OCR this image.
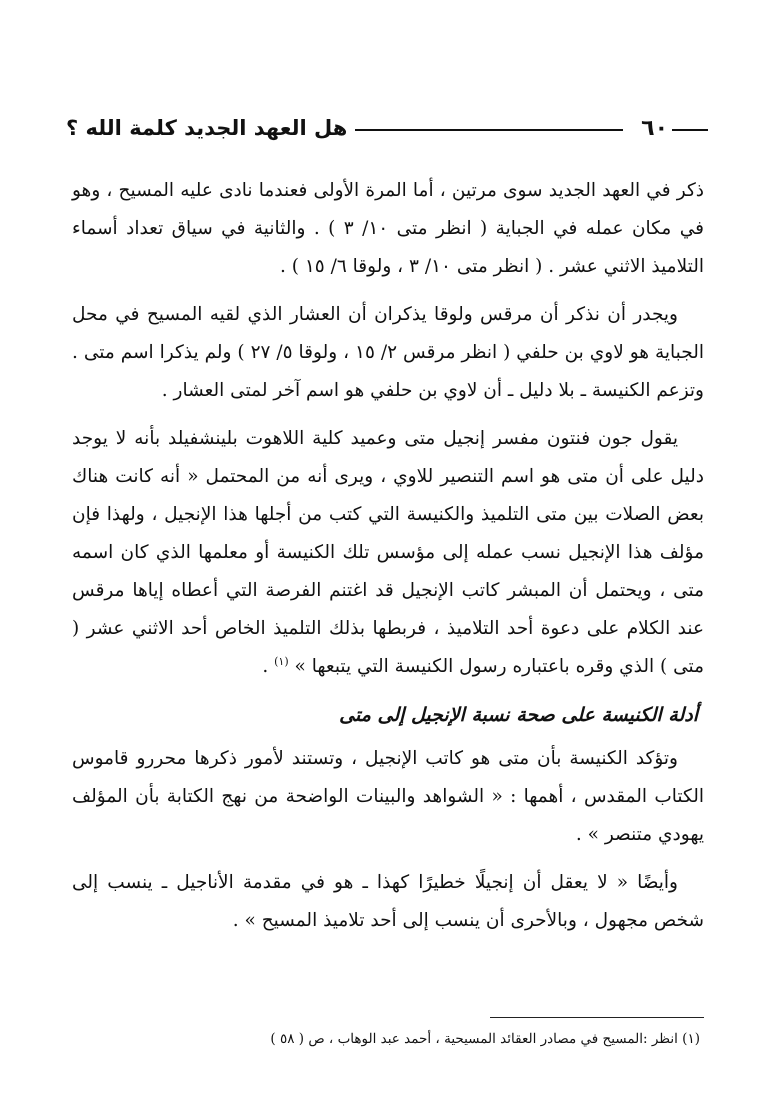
٦٠
هل العهد الجديد كلمة الله ؟

ذكر في العهد الجديد سوى مرتين ، أما المرة الأولى فعندما نادى عليه المسيح ، وهو في مكان عمله في الجباية ( انظر متى ١٠/ ٣ ) . والثانية في سياق تعداد أسماء التلاميذ الاثني عشر . ( انظر متى ١٠/ ٣ ، ولوقا ٦/ ١٥ ) .

ويجدر أن نذكر أن مرقس ولوقا يذكران أن العشار الذي لقيه المسيح في محل الجباية هو لاوي بن حلفي ( انظر مرقس ٢/ ١٥ ، ولوقا ٥/ ٢٧ ) ولم يذكرا اسم متى . وتزعم الكنيسة ـ بلا دليل ـ أن لاوي بن حلفي هو اسم آخر لمتى العشار .

يقول جون فنتون مفسر إنجيل متى وعميد كلية اللاهوت بلينشفيلد بأنه لا يوجد دليل على أن متى هو اسم التنصير للاوي ، ويرى أنه من المحتمل « أنه كانت هناك بعض الصلات بين متى التلميذ والكنيسة التي كتب من أجلها هذا الإنجيل ، ولهذا فإن مؤلف هذا الإنجيل نسب عمله إلى مؤسس تلك الكنيسة أو معلمها الذي كان اسمه متى ، ويحتمل أن المبشر كاتب الإنجيل قد اغتنم الفرصة التي أعطاه إياها مرقس عند الكلام على دعوة أحد التلاميذ ، فربطها بذلك التلميذ الخاص أحد الاثني عشر ( متى ) الذي وقره باعتباره رسول الكنيسة التي يتبعها » $^{(١)}$ .

أدلة الكنيسة على صحة نسبة الإنجيل إلى متى

وتؤكد الكنيسة بأن متى هو كاتب الإنجيل ، وتستند لأمور ذكرها محررو قاموس الكتاب المقدس ، أهمها : « الشواهد والبينات الواضحة من نهج الكتابة بأن المؤلف يهودي متنصر » .

وأيضًا « لا يعقل أن إنجيلًا خطيرًا كهذا ـ هو في مقدمة الأناجيل ـ ينسب إلى شخص مجهول ، وبالأحرى أن ينسب إلى أحد تلاميذ المسيح » .

(١) انظر :المسيح في مصادر العقائد المسيحية ، أحمد عبد الوهاب ، ص ( ٥٨ )
